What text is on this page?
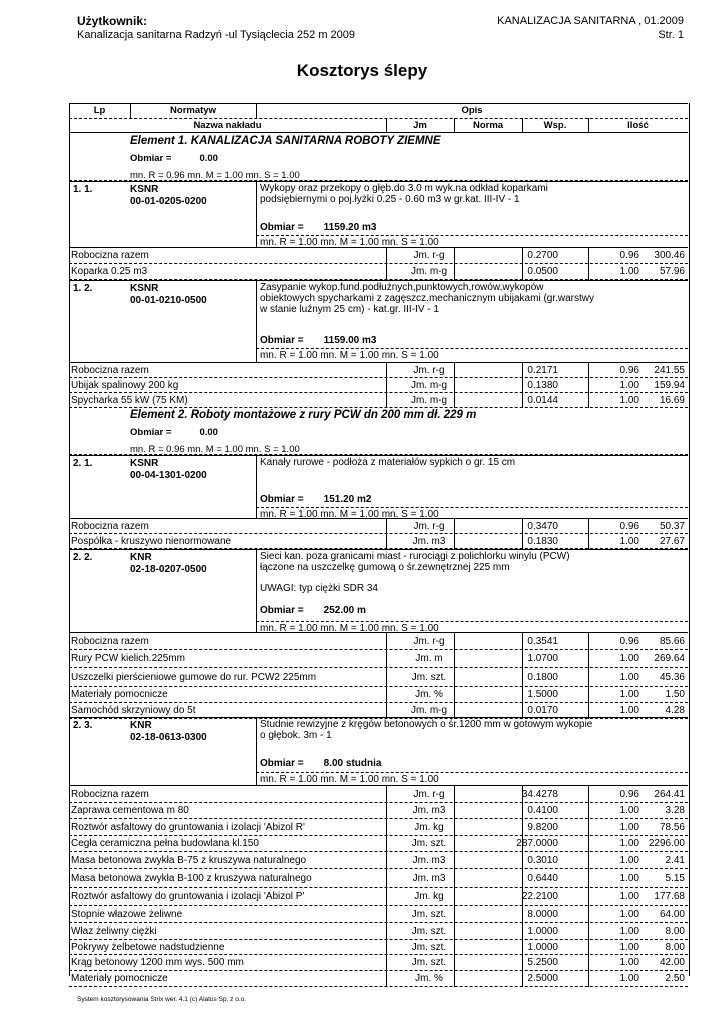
Użytkownik:
Kanalizacja sanitarna Radzyń -ul Tysiąclecia 252 m 2009
KANALIZACJA SANITARNA , 01.2009
Str. 1
Kosztorys ślepy
Lp	Normatyw	Opis
Nazwa nakładu	Jm	Norma	Wsp.	Ilość
Element 1. KANALIZACJA SANITARNA ROBOTY ZIEMNE
Obmiar =	0.00
mn. R = 0.96 mn. M = 1.00 mn. S = 1.00
1. 1.	KSNR
00-01-0205-0200
Wykopy oraz przekopy o głęb.do 3.0 m wyk.na odkład koparkami podsiębiernymi o poj.łyżki 0.25 - 0.60 m3 w gr.kat. III-IV - 1
Obmiar = 1159.20 m3
mn. R = 1.00 mn. M = 1.00 mn. S = 1.00
Robocizna razem	Jm. r-g	0.2700	0.96	300.46
Koparka 0.25 m3	Jm. m-g	0.0500	1.00	57.96
1. 2.	KSNR
00-01-0210-0500
Zasypanie wykop.fund.podłużnych,punktowych,rowów,wykopów obiektowych spycharkami z zagęszcz.mechanicznym ubijakami (gr.warstwy w stanie luźnym 25 cm) - kat.gr. III-IV - 1
Obmiar = 1159.00 m3
mn. R = 1.00 mn. M = 1.00 mn. S = 1.00
Robocizna razem	Jm. r-g	0.2171	0.96	241.55
Ubijak spalinowy 200 kg	Jm. m-g	0.1380	1.00	159.94
Spycharka 55 kW (75 KM)	Jm. m-g	0.0144	1.00	16.69
Element 2. Roboty montażowe z rury PCW dn 200 mm dł. 229 m
Obmiar =	0.00
mn. R = 0.96 mn. M = 1.00 mn. S = 1.00
2. 1.	KSNR
00-04-1301-0200
Kanały rurowe - podłoża z materiałów sypkich o gr. 15 cm
Obmiar = 151.20 m2
mn. R = 1.00 mn. M = 1.00 mn. S = 1.00
Robocizna razem	Jm. r-g	0.3470	0.96	50.37
Pospółka - kruszywo nienormowane	Jm. m3	0.1830	1.00	27.67
2. 2.	KNR
02-18-0207-0500
Sieci kan. poza granicami miast - rurociągi z polichlorku winylu (PCW) łączone na uszczelkę gumową o śr.zewnętrznej 225 mm
UWAGI: typ ciężki SDR 34
Obmiar = 252.00 m
mn. R = 1.00 mn. M = 1.00 mn. S = 1.00
Robocizna razem	Jm. r-g	0.3541	0.96	85.66
Rury PCW kielich.225mm	Jm. m	1.0700	1.00	269.64
Uszczelki pierścieniowe gumowe do rur. PCW2 225mm	Jm. szt.	0.1800	1.00	45.36
Materiały pomocnicze	Jm. %	1.5000	1.00	1.50
Samochód skrzyniowy do 5t	Jm. m-g	0.0170	1.00	4.28
2. 3.	KNR
02-18-0613-0300
Studnie rewizyjne z kręgów betonowych o śr.1200 mm w gotowym wykopie o głębok. 3m - 1
Obmiar = 8.00 studnia
mn. R = 1.00 mn. M = 1.00 mn. S = 1.00
Robocizna razem	Jm. r-g	34.4278	0.96	264.41
Zaprawa cementowa m 80	Jm. m3	0.4100	1.00	3.28
Roztwór asfaltowy do gruntowania i izolacji 'Abizol R'	Jm. kg	9.8200	1.00	78.56
Cegła ceramiczna pełna budowlana kl.150	Jm. szt.	287.0000	1.00 2296.00
Masa betonowa zwykła B-75 z kruszywa naturalnego	Jm. m3	0.3010	1.00	2.41
Masa betonowa zwykła B-100 z kruszywa naturalnego	Jm. m3	0.6440	1.00	5.15
Roztwór asfaltowy do gruntowania i izolacji 'Abizol P'	Jm. kg	22.2100	1.00	177.68
Stopnie włazowe żeliwne	Jm. szt.	8.0000	1.00	64.00
Właz żeliwny ciężki	Jm. szt.	1.0000	1.00	8.00
Pokrywy żelbetowe nadstudzienne	Jm. szt.	1.0000	1.00	8.00
Krąg betonowy 1200 mm wys. 500 mm	Jm. szt.	5.2500	1.00	42.00
Materiały pomocnicze	Jm. %	2.5000	1.00	2.50
System kosztorysowania Strix wer. 4.1 (c) Alatus Sp. z o.o.
